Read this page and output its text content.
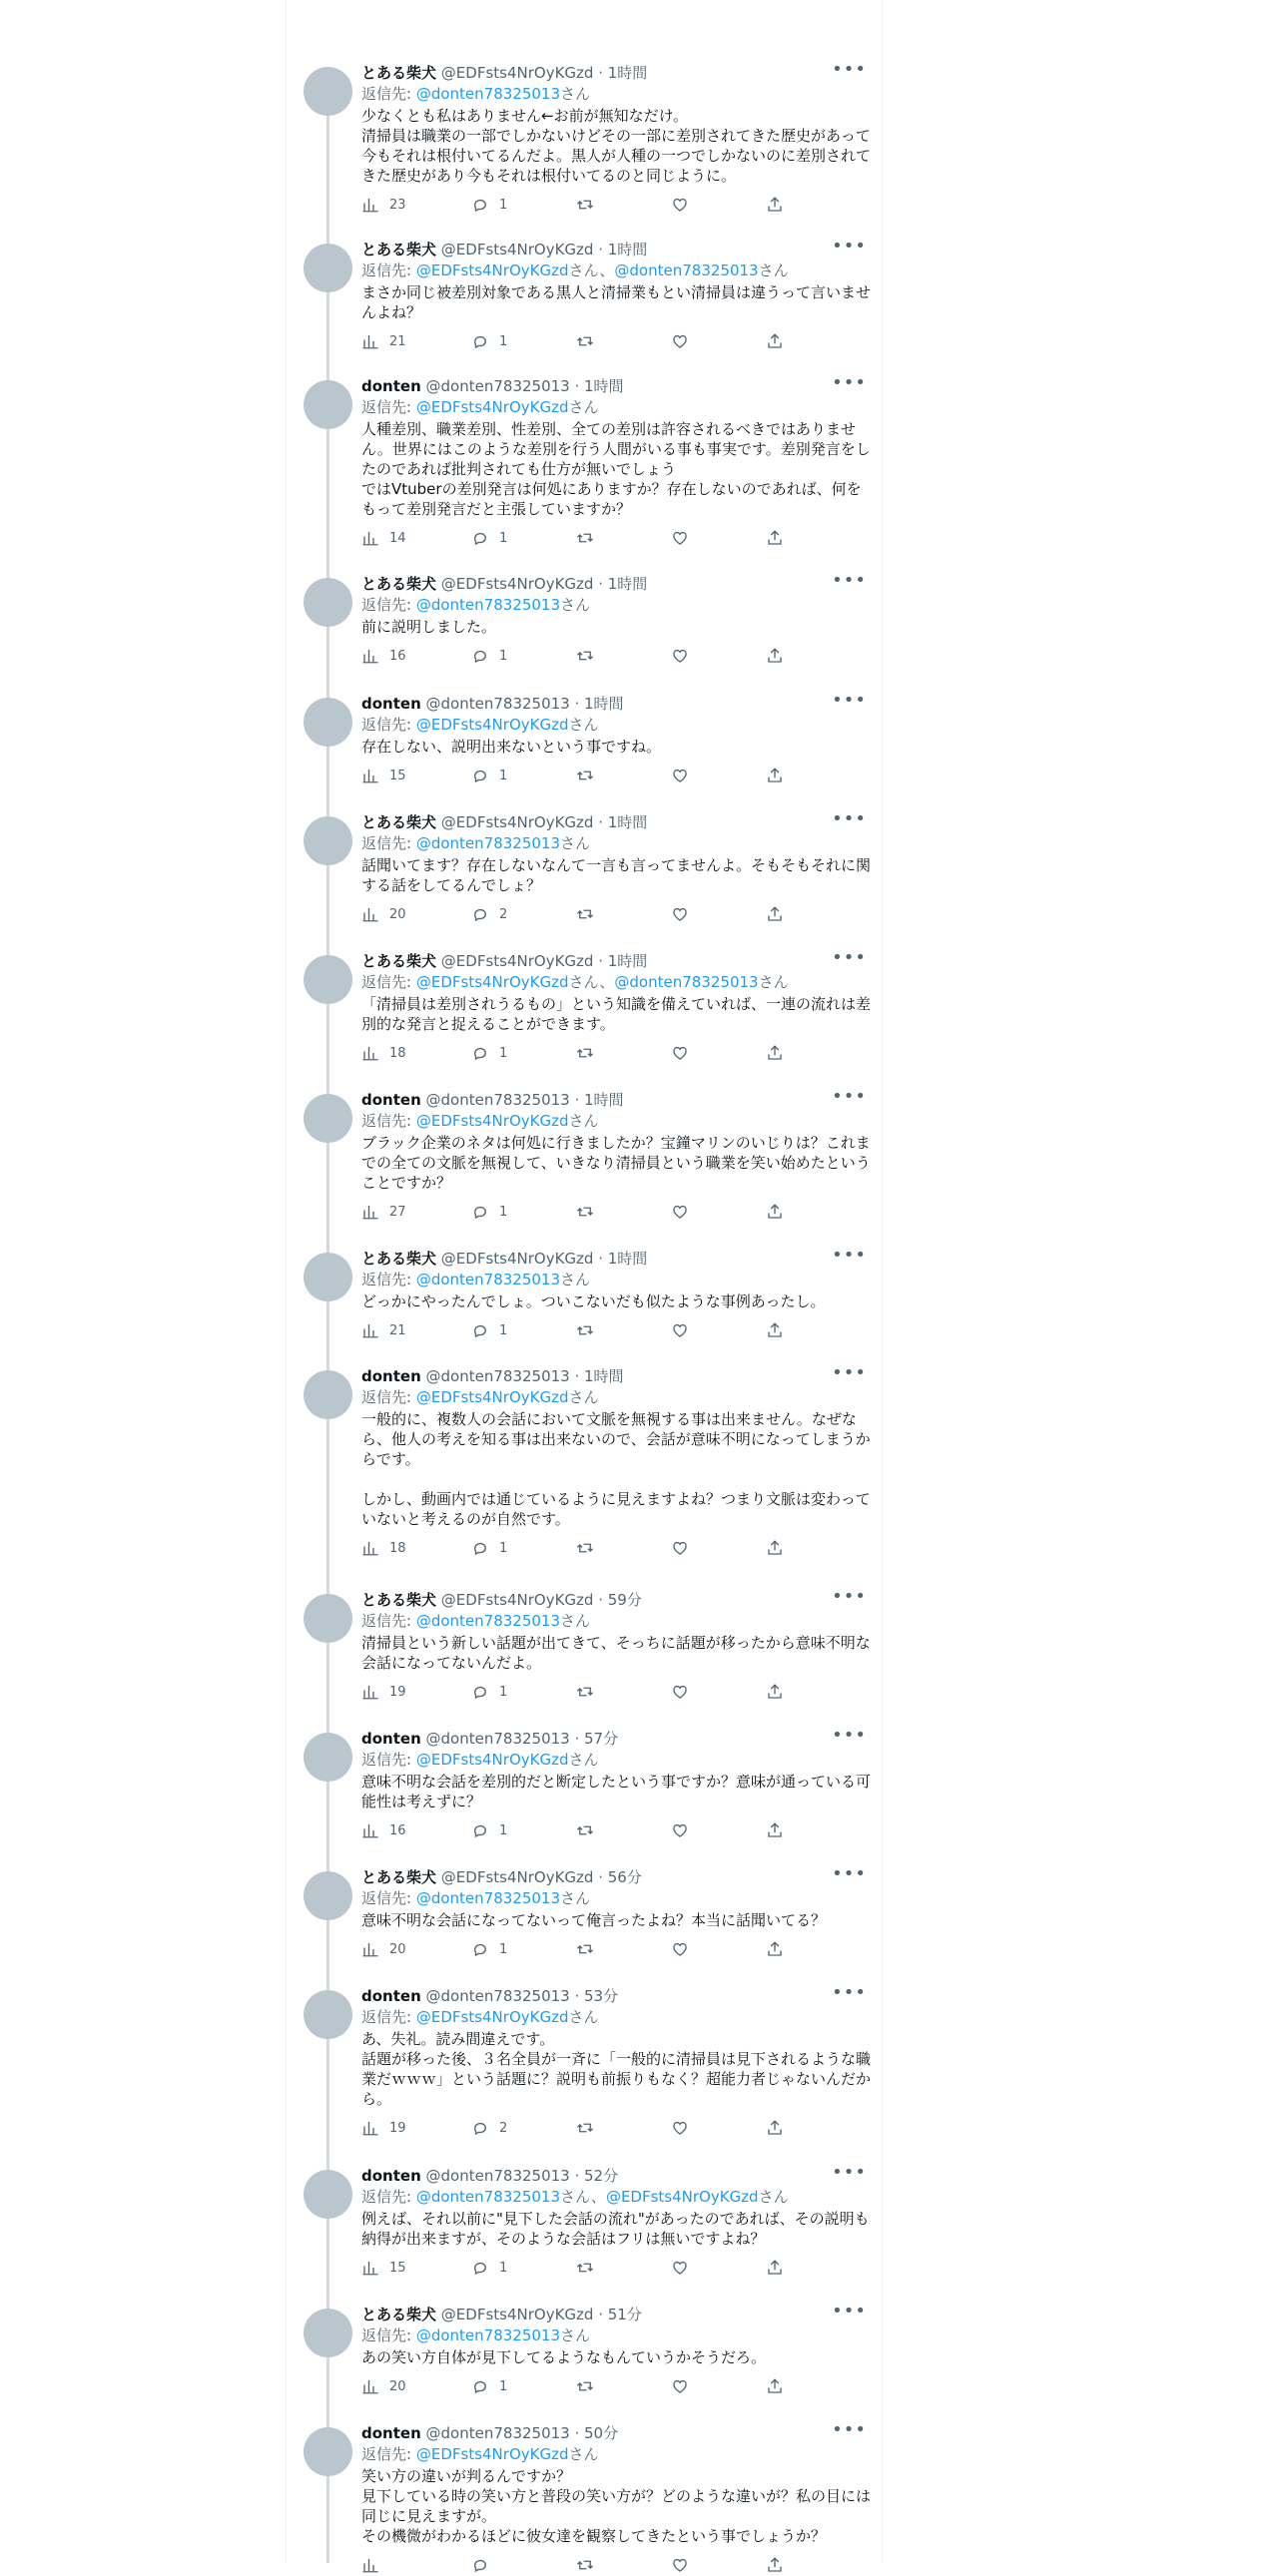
とある柴犬 @EDFsts4NrOyKGzd · 1時間	•••
返信先: @donten78325013さん
少なくとも私はありません←お前が無知なだけ。
清掃員は職業の一部でしかないけどその一部に差別されてきた歴史があって今もそれは根付いてるんだよ。黒人が人種の一つでしかないのに差別されてきた歴史があり今もそれは根付いてるのと同じように。
23	1
とある柴犬 @EDFsts4NrOyKGzd · 1時間	•••
返信先: @EDFsts4NrOyKGzdさん、@donten78325013さん
まさか同じ被差別対象である黒人と清掃業もとい清掃員は違うって言いませんよね？
21	1
donten @donten78325013 · 1時間	•••
返信先: @EDFsts4NrOyKGzdさん
人種差別、職業差別、性差別、全ての差別は許容されるべきではありません。世界にはこのような差別を行う人間がいる事も事実です。差別発言をしたのであれば批判されても仕方が無いでしょう
ではVtuberの差別発言は何処にありますか？存在しないのであれば、何をもって差別発言だと主張していますか？
14	1
とある柴犬 @EDFsts4NrOyKGzd · 1時間	•••
返信先: @donten78325013さん
前に説明しました。
16	1
donten @donten78325013 · 1時間	•••
返信先: @EDFsts4NrOyKGzdさん
存在しない、説明出来ないという事ですね。
15	1
とある柴犬 @EDFsts4NrOyKGzd · 1時間	•••
返信先: @donten78325013さん
話聞いてます？存在しないなんて一言も言ってませんよ。そもそもそれに関する話をしてるんでしょ？
20	2
とある柴犬 @EDFsts4NrOyKGzd · 1時間	•••
返信先: @EDFsts4NrOyKGzdさん、@donten78325013さん
「清掃員は差別されうるもの」という知識を備えていれば、一連の流れは差別的な発言と捉えることができます。
18	1
donten @donten78325013 · 1時間	•••
返信先: @EDFsts4NrOyKGzdさん
ブラック企業のネタは何処に行きましたか？宝鐘マリンのいじりは？これまでの全ての文脈を無視して、いきなり清掃員という職業を笑い始めたということですか？
27	1
とある柴犬 @EDFsts4NrOyKGzd · 1時間	•••
返信先: @donten78325013さん
どっかにやったんでしょ。ついこないだも似たような事例あったし。
21	1
donten @donten78325013 · 1時間	•••
返信先: @EDFsts4NrOyKGzdさん
一般的に、複数人の会話において文脈を無視する事は出来ません。なぜなら、他人の考えを知る事は出来ないので、会話が意味不明になってしまうからです。

しかし、動画内では通じているように見えますよね？つまり文脈は変わっていないと考えるのが自然です。
18	1
とある柴犬 @EDFsts4NrOyKGzd · 59分	•••
返信先: @donten78325013さん
清掃員という新しい話題が出てきて、そっちに話題が移ったから意味不明な会話になってないんだよ。
19	1
donten @donten78325013 · 57分	•••
返信先: @EDFsts4NrOyKGzdさん
意味不明な会話を差別的だと断定したという事ですか？意味が通っている可能性は考えずに？
16	1
とある柴犬 @EDFsts4NrOyKGzd · 56分	•••
返信先: @donten78325013さん
意味不明な会話になってないって俺言ったよね？本当に話聞いてる？
20	1
donten @donten78325013 · 53分	•••
返信先: @EDFsts4NrOyKGzdさん
あ、失礼。読み間違えです。
話題が移った後、３名全員が一斉に「一般的に清掃員は見下されるような職業だｗｗｗ」という話題に？説明も前振りもなく？超能力者じゃないんだから。
19	2
donten @donten78325013 · 52分	•••
返信先: @donten78325013さん、@EDFsts4NrOyKGzdさん
例えば、それ以前に"見下した会話の流れ"があったのであれば、その説明も納得が出来ますが、そのような会話はフリは無いですよね？
15	1
とある柴犬 @EDFsts4NrOyKGzd · 51分	•••
返信先: @donten78325013さん
あの笑い方自体が見下してるようなもんていうかそうだろ。
20	1
donten @donten78325013 · 50分	•••
返信先: @EDFsts4NrOyKGzdさん
笑い方の違いが判るんですか？
見下している時の笑い方と普段の笑い方が？どのような違いが？私の目には同じに見えますが。
その機微がわかるほどに彼女達を観察してきたという事でしょうか？
